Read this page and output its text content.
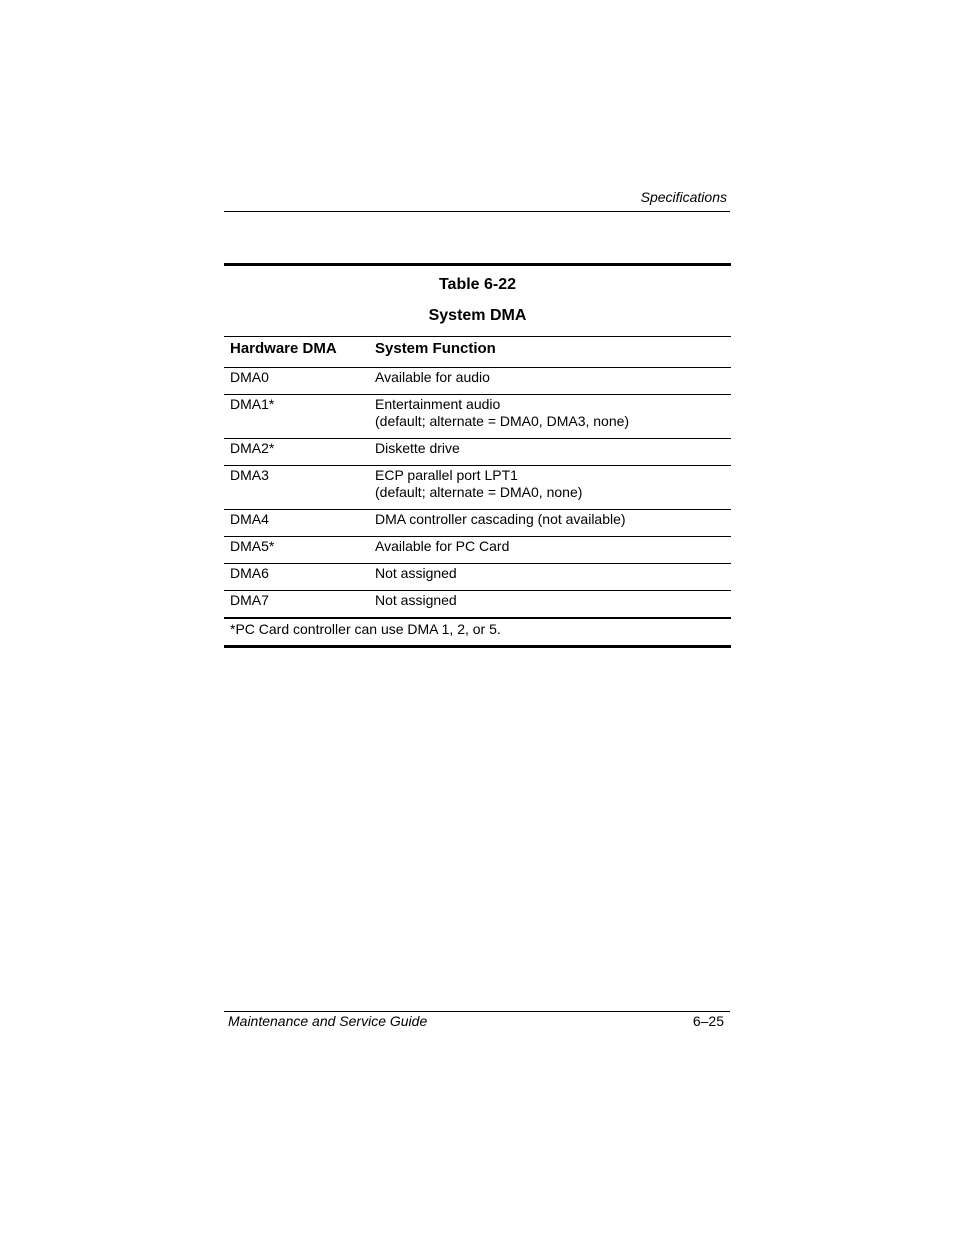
Specifications
Table 6-22
System DMA
Hardware DMA	System Function
DMA0	Available for audio

DMA1*	Entertainment audio
(default; alternate = DMA0, DMA3, none)

DMA2*	Diskette drive

DMA3	ECP parallel port LPT1
(default; alternate = DMA0, none)

DMA4	DMA controller cascading (not available)

DMA5*	Available for PC Card

DMA6	Not assigned

DMA7	Not assigned

*PC Card controller can use DMA 1, 2, or 5.	
Maintenance and Service Guide	6–25
